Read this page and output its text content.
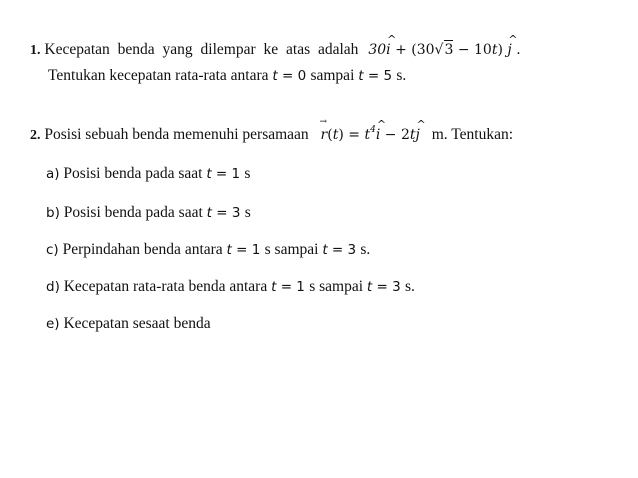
1. Kecepatan benda yang dilempar ke atas adalah 30^ i + (30√3 − 10t) ^ j .
Tentukan kecepatan rata-rata antara t = 0 sampai t = 5 s.
2. Posisi sebuah benda memenuhi persamaan → $r(t) = t^4\^{}$ i − 2t^ j m. Tentukan:
a) Posisi benda pada saat t = 1 s
b) Posisi benda pada saat t = 3 s
c) Perpindahan benda antara t = 1 s sampai t = 3 s.
d) Kecepatan rata-rata benda antara t = 1 s sampai t = 3 s.
e) Kecepatan sesaat benda
